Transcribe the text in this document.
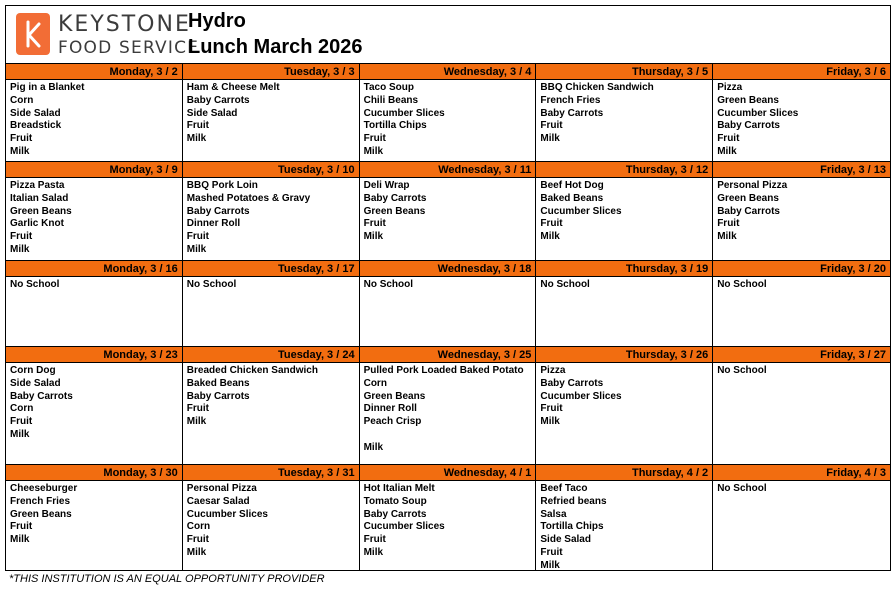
KEYSTONE
FOOD SERVICE
Hydro
Lunch March 2026
Monday, 3 / 2
Pig in a Blanket
Corn
Side Salad
Breadstick
Fruit
Milk
Tuesday, 3 / 3
Ham & Cheese Melt
Baby Carrots
Side Salad
Fruit
Milk
Wednesday, 3 / 4
Taco Soup
Chili Beans
Cucumber Slices
Tortilla Chips
Fruit
Milk
Thursday, 3 / 5
BBQ Chicken Sandwich
French Fries
Baby Carrots
Fruit
Milk
Friday, 3 / 6
Pizza
Green Beans
Cucumber Slices
Baby Carrots
Fruit
Milk
Monday, 3 / 9
Pizza Pasta
Italian Salad
Green Beans
Garlic Knot
Fruit
Milk
Tuesday, 3 / 10
BBQ Pork Loin
Mashed Potatoes & Gravy
Baby Carrots
Dinner Roll
Fruit
Milk
Wednesday, 3 / 11
Deli Wrap
Baby Carrots
Green Beans
Fruit
Milk
Thursday, 3 / 12
Beef Hot Dog
Baked Beans
Cucumber Slices
Fruit
Milk
Friday, 3 / 13
Personal Pizza
Green Beans
Baby Carrots
Fruit
Milk
Monday, 3 / 16
No School
Tuesday, 3 / 17
No School
Wednesday, 3 / 18
No School
Thursday, 3 / 19
No School
Friday, 3 / 20
No School
Monday, 3 / 23
Corn Dog
Side Salad
Baby Carrots
Corn
Fruit
Milk
Tuesday, 3 / 24
Breaded Chicken Sandwich
Baked Beans
Baby Carrots
Fruit
Milk
Wednesday, 3 / 25
Pulled Pork Loaded Baked Potato
Corn
Green Beans
Dinner Roll
Peach Crisp

Milk
Thursday, 3 / 26
Pizza
Baby Carrots
Cucumber Slices
Fruit
Milk
Friday, 3 / 27
No School
Monday, 3 / 30
Cheeseburger
French Fries
Green Beans
Fruit
Milk
Tuesday, 3 / 31
Personal Pizza
Caesar Salad
Cucumber Slices
Corn
Fruit
Milk
Wednesday, 4 / 1
Hot Italian Melt
Tomato Soup
Baby Carrots
Cucumber Slices
Fruit
Milk
Thursday, 4 / 2
Beef Taco
Refried beans
Salsa
Tortilla Chips
Side Salad
Fruit
Milk
Friday, 4 / 3
No School
*THIS INSTITUTION IS AN EQUAL OPPORTUNITY PROVIDER
